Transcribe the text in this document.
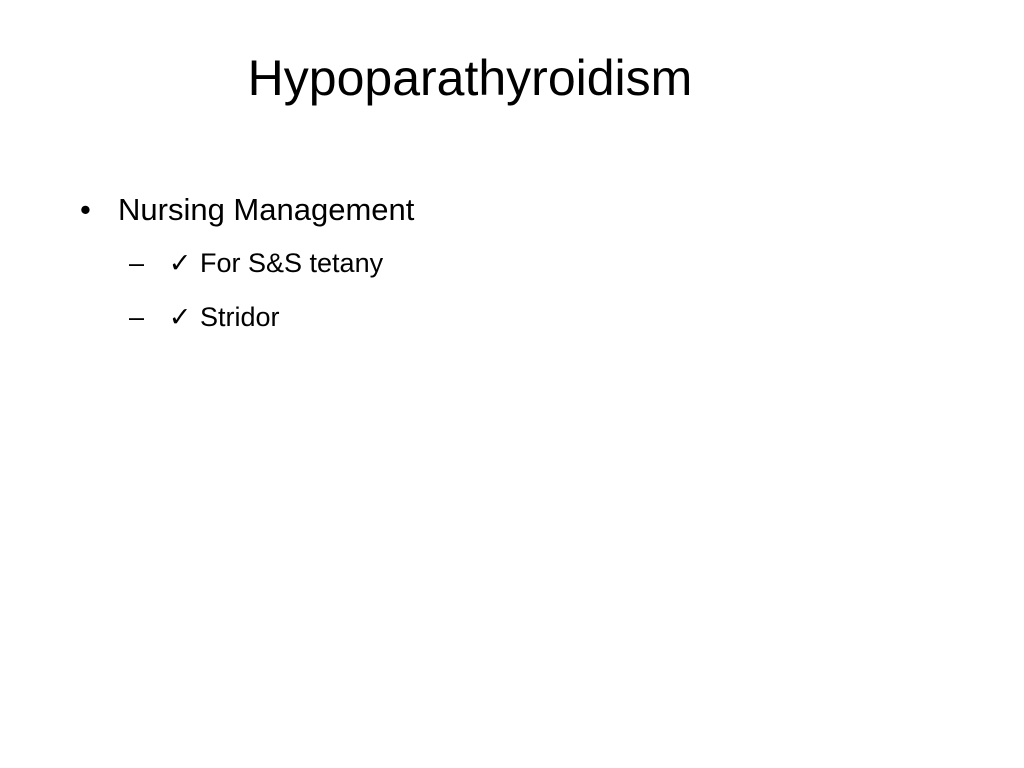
Hypoparathyroidism
• Nursing Management
– ✓ For S&S tetany
– ✓ Stridor
